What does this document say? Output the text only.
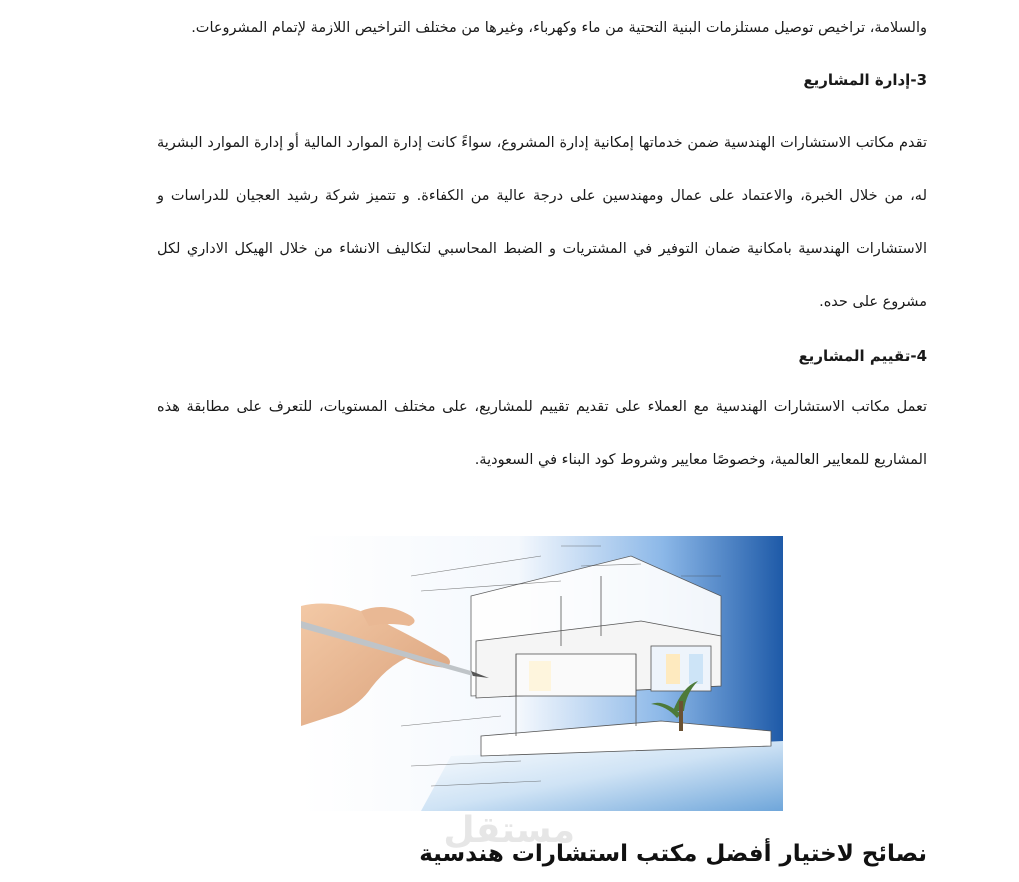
والسلامة، تراخيص توصيل مستلزمات البنية التحتية من ماء وكهرباء، وغيرها من مختلف التراخيص اللازمة لإتمام المشروعات.

3-إدارة المشاريع

تقدم مكاتب الاستشارات الهندسية ضمن خدماتها إمكانية إدارة المشروع، سواءً كانت إدارة الموارد المالية أو إدارة الموارد البشرية له، من خلال الخبرة، والاعتماد على عمال ومهندسين على درجة عالية من الكفاءة. و تتميز شركة رشيد العجيان للدراسات و الاستشارات الهندسية بامكانية ضمان التوفير في المشتريات و الضبط المحاسبي لتكاليف الانشاء من خلال الهيكل الاداري لكل مشروع على حده.

4-تقييم المشاريع

تعمل مكاتب الاستشارات الهندسية مع العملاء على تقديم تقييم للمشاريع، على مختلف المستويات، للتعرف على مطابقة هذه المشاريع للمعايير العالمية، وخصوصًا معايير وشروط كود البناء في السعودية.

مستقل
نصائح لاختيار أفضل مكتب استشارات هندسية
